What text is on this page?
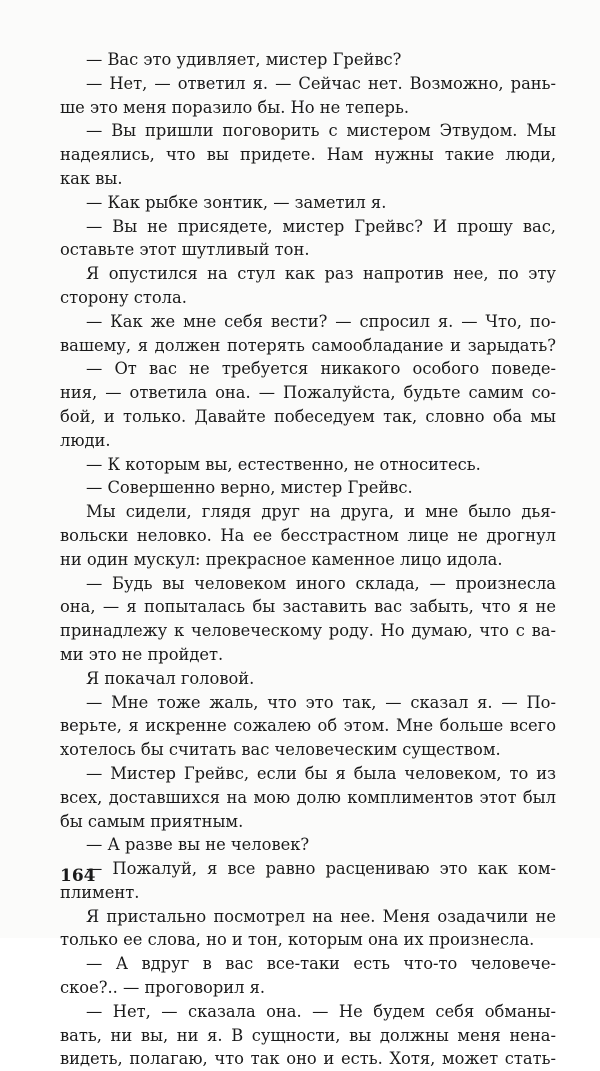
— Вас это удивляет, мистер Грейвс?
— Нет, — ответил я. — Сейчас нет. Возможно, рань-
ше это меня поразило бы. Но не теперь.
— Вы пришли поговорить с мистером Этвудом. Мы
надеялись, что вы придете. Нам нужны такие люди,
как вы.
— Как рыбке зонтик, — заметил я.
— Вы не присядете, мистер Грейвс? И прошу вас,
оставьте этот шутливый тон.
Я опустился на стул как раз напротив нее, по эту
сторону стола.
— Как же мне себя вести? — спросил я. — Что, по-
вашему, я должен потерять самообладание и зарыдать?
— От вас не требуется никакого особого поведе-
ния, — ответила она. — Пожалуйста, будьте самим со-
бой, и только. Давайте побеседуем так, словно оба мы
люди.
— К которым вы, естественно, не относитесь.
— Совершенно верно, мистер Грейвс.
Мы сидели, глядя друг на друга, и мне было дья-
вольски неловко. На ее бесстрастном лице не дрогнул
ни один мускул: прекрасное каменное лицо идола.
— Будь вы человеком иного склада, — произнесла
она, — я попыталась бы заставить вас забыть, что я не
принадлежу к человеческому роду. Но думаю, что с ва-
ми это не пройдет.
Я покачал головой.
— Мне тоже жаль, что это так, — сказал я. — По-
верьте, я искренне сожалею об этом. Мне больше всего
хотелось бы считать вас человеческим существом.
— Мистер Грейвс, если бы я была человеком, то из
всех, доставшихся на мою долю комплиментов этот был
бы самым приятным.
— А разве вы не человек?
— Пожалуй, я все равно расцениваю это как ком-
плимент.
Я пристально посмотрел на нее. Меня озадачили не
только ее слова, но и тон, которым она их произнесла.
— А вдруг в вас все-таки есть что-то человече-
ское?.. — проговорил я.
— Нет, — сказала она. — Не будем себя обманы-
вать, ни вы, ни я. В сущности, вы должны меня нена-
видеть, полагаю, что так оно и есть. Хотя, может стать-
164
